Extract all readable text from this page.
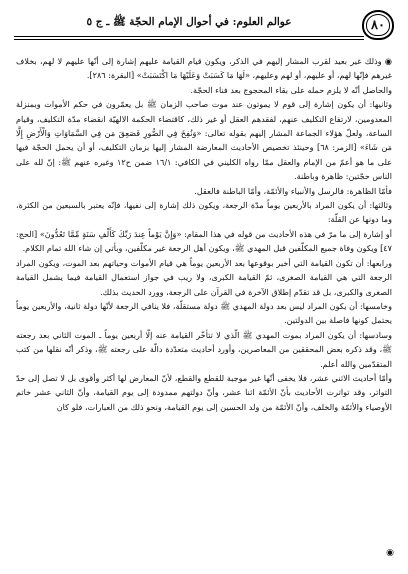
٨٠
عوالم العلوم: في أحوال الإمام الحجّة ﷺ ـ ج ٥

◉ وذلك غير بعيد لقرب المشار إليهم في الذكر، ويكون قيام القيامة عليهم إشارة إلى أنّها عليهم لا لهم، بخلاف غيرهم فإنّها لهم، أو عليهم، أو لهم وعليهم، «لَهَا مَا كَسَبَتْ وَعَلَيْهَا مَا اكْتَسَبَتْ» [البقرة: ٢٨٦].

والحاصل أنّه لا يلزم حمله على بقاء المحجوج بعد فناء الحجّة.

وثانيها: أن يكون إشارة إلى قوم لا يموتون عند موت صاحب الزمان ﷺ بل يعمّرون في حكم الأموات وبمنزلة المعدومين، لارتفاع التكليف عنهم، لفقدهم العقل أو غير ذلك، كاقتضاء الحكمة الالهيّة انقضاء مدّة التكليف، وقيام الساعة، ولعلّ هؤلاء الجماعة المشار إليهم بقوله تعالى: «وَنُفِخَ فِي الصُّورِ فَصَعِقَ مَن فِي السَّمَاوَاتِ وَالْأَرْضِ إِلَّا مَن شَاءَ» [الزمر: ٦٨] وحينئذ تخصيص الأحاديث المعارضة المشار إليها بزمان التكليف، أو أن يحمل الحجّة فيها على ما هو أعمّ من الإمام والعقل ممّا رواه الكليني في الكافي: ١٦/١ ضمن ح١٢ وغيره عنهم ﷺ: إنّ لله على الناس حجّتين: ظاهرة وباطنة.

فأمّا الظاهرة: فالرسل والأنبياء والأئمّة، وأمّا الباطنة فالعقل.

وثالثها: أن يكون المراد بالأربعين يوماً مدّة الرجعة، ويكون ذلك إشارة إلى نفيها، فإنّه يعتبر بالسبعين من الكثرة، وما دونها عن القلّة:

أو إشارة إلى ما مرّ في هذه الأحاديث من قوله في هذا المقام: «وَإِنَّ يَوْماً عِندَ رَبِّكَ كَأَلْفِ سَنَةٍ مِّمَّا تَعُدُّونَ» [الحج: ٤٧] ويكون وفاة جميع المكلّفين قبل المهدي ﷺ، ويكون أهل الرجعة غير مكلّفين، وبأتي إن شاء الله تمام الكلام.

ورابعها: أن تكون القيامة التي أخبر بوقوعها بعد الأربعين يوماً هي قيام الأموات وحياتهم بعد الموت، ويكون المراد الرجعة التي هي القيامة الصغرى، ثمّ القيامة الكبرى، ولا ريب في جواز استعمال القيامة فيما يشمل القيامة الصغرى والكبرى، بل قد تقدّم إطلاق الآخرة في القرآن على الرجعة، وورد الحديث بذلك.

وخامسها: أن يكون المراد ليس بعد دولة المهدي ﷺ دولة مستقلّة، فلا ينافي الرجعة لأنّها دولة ثانية، والأربعين يوماً يحتمل كونها فاصلة بين الدولتين.

وسادسها: أن يكون المراد بموت المهدي ﷺ الّذي لا تتأخّر القيامة عنه إلّا أربعين يوماً ـ الموت الثاني بعد رجعته ﷺ، وقد ذكره بعض المحققين من المعاصرين، وأورد أحاديث متعدّدة دالّة على رجعته ﷺ، وذكر أنّه نقلها من كتب المتقدّمين والله أعلم.

وأمّا أحاديث الاثني عشر، فلا يخفى أنّها غير موجبة للقطع والقطع، لأنّ المعارض لها أكثر وأقوى بل لا تصل إلى حدّ التواتر، وقد تواترت الأحاديث بأنّ الأئمّة اثنا عشر، وأنّ دولتهم ممدودة إلى يوم القيامة، وأنّ الثاني عشر خاتم الأوصياء والأئمّة والخلف، وأنّ الأئمّة من ولد الحسين إلى يوم القيامة، ونحو ذلك من العبارات، فلو كان

◉
